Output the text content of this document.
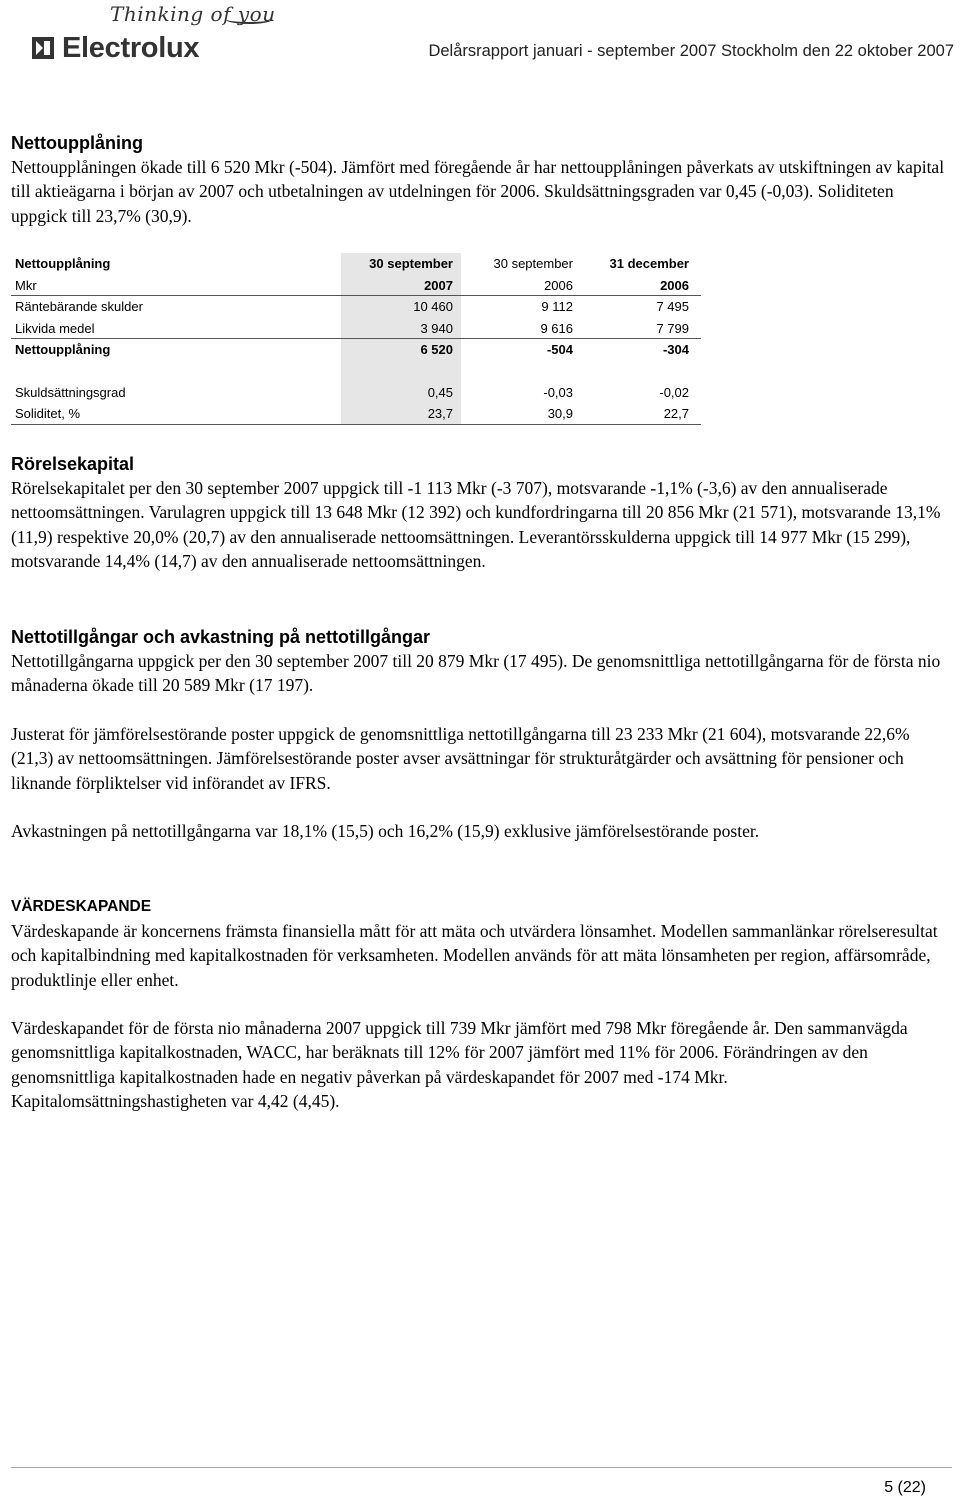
Thinking of you
Electrolux	Delårsrapport januari - september 2007 Stockholm den 22 oktober 2007
Nettoupplåning

Nettoupplåningen ökade till 6 520 Mkr (-504). Jämfört med föregående år har nettoupplåningen påverkats av utskiftningen av kapital till aktieägarna i början av 2007 och utbetalningen av utdelningen för 2006. Skuldsättningsgraden var 0,45 (-0,03). Soliditeten uppgick till 23,7% (30,9).

Nettoupplåning	30 september	30 september	31 december
Mkr	2007	2006	2006
Räntebärande skulder	10 460	9 112	7 495
Likvida medel	3 940	9 616	7 799
Nettoupplåning	6 520	-504	-304
Skuldsättningsgrad	0,45	-0,03	-0,02
Soliditet, %	23,7	30,9	22,7
Rörelsekapital

Rörelsekapitalet per den 30 september 2007 uppgick till -1 113 Mkr (-3 707), motsvarande -1,1% (-3,6) av den annualiserade nettoomsättningen. Varulagren uppgick till 13 648 Mkr (12 392) och kundfordringarna till 20 856 Mkr (21 571), motsvarande 13,1% (11,9) respektive 20,0% (20,7) av den annualiserade nettoomsättningen. Leverantörsskulderna uppgick till 14 977 Mkr (15 299), motsvarande 14,4% (14,7) av den annualiserade nettoomsättningen.

Nettotillgångar och avkastning på nettotillgångar

Nettotillgångarna uppgick per den 30 september 2007 till 20 879 Mkr (17 495). De genomsnittliga nettotillgångarna för de första nio månaderna ökade till 20 589 Mkr (17 197).

Justerat för jämförelsestörande poster uppgick de genomsnittliga nettotillgångarna till 23 233 Mkr (21 604), motsvarande 22,6% (21,3) av nettoomsättningen. Jämförelsestörande poster avser avsättningar för strukturåtgärder och avsättning för pensioner och liknande förpliktelser vid införandet av IFRS.

Avkastningen på nettotillgångarna var 18,1% (15,5) och 16,2% (15,9) exklusive jämförelsestörande poster.

VÄRDESKAPANDE

Värdeskapande är koncernens främsta finansiella mått för att mäta och utvärdera lönsamhet. Modellen sammanlänkar rörelseresultat och kapitalbindning med kapitalkostnaden för verksamheten. Modellen används för att mäta lönsamheten per region, affärsområde, produktlinje eller enhet.

Värdeskapandet för de första nio månaderna 2007 uppgick till 739 Mkr jämfört med 798 Mkr föregående år. Den sammanvägda genomsnittliga kapitalkostnaden, WACC, har beräknats till 12% för 2007 jämfört med 11% för 2006. Förändringen av den genomsnittliga kapitalkostnaden hade en negativ påverkan på värdeskapandet för 2007 med -174 Mkr. Kapitalomsättningshastigheten var 4,42 (4,45).

5 (22)
